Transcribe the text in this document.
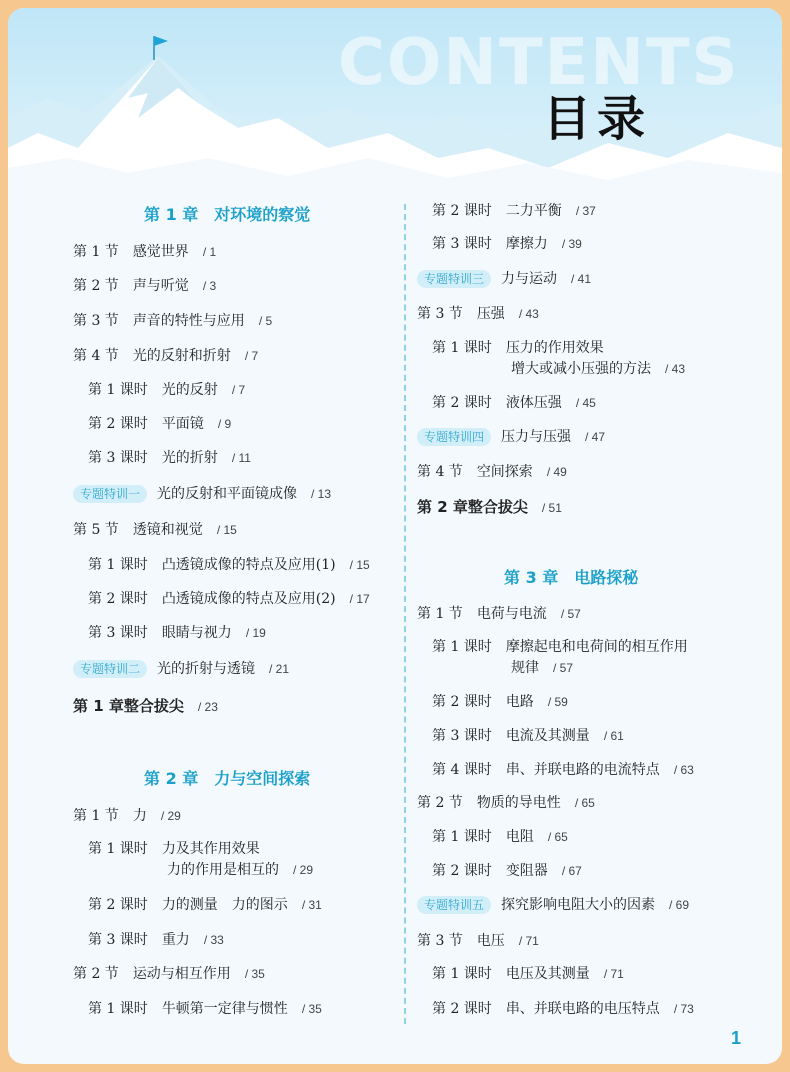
CONTENTS
目录
第 1 章 对环境的察觉
第 1 节 感觉世界 / 1
第 2 节 声与听觉 / 3
第 3 节 声音的特性与应用 / 5
第 4 节 光的反射和折射 / 7
第 1 课时 光的反射 / 7
第 2 课时 平面镜 / 9
第 3 课时 光的折射 / 11
专题特训一 光的反射和平面镜成像 / 13
第 5 节 透镜和视觉 / 15
第 1 课时 凸透镜成像的特点及应用(1) / 15
第 2 课时 凸透镜成像的特点及应用(2) / 17
第 3 课时 眼睛与视力 / 19
专题特训二 光的折射与透镜 / 21
第 1 章整合拔尖 / 23
第 2 章 力与空间探索
第 1 节 力 / 29
第 1 课时 力及其作用效果
力的作用是相互的 / 29
第 2 课时 力的测量　力的图示 / 31
第 3 课时 重力 / 33
第 2 节 运动与相互作用 / 35
第 1 课时 牛顿第一定律与惯性 / 35
第 2 课时 二力平衡 / 37
第 3 课时 摩擦力 / 39
专题特训三 力与运动 / 41
第 3 节 压强 / 43
第 1 课时 压力的作用效果
增大或减小压强的方法 / 43
第 2 课时 液体压强 / 45
专题特训四 压力与压强 / 47
第 4 节 空间探索 / 49
第 2 章整合拔尖 / 51
第 3 章 电路探秘
第 1 节 电荷与电流 / 57
第 1 课时 摩擦起电和电荷间的相互作用
规律 / 57
第 2 课时 电路 / 59
第 3 课时 电流及其测量 / 61
第 4 课时 串、并联电路的电流特点 / 63
第 2 节 物质的导电性 / 65
第 1 课时 电阻 / 65
第 2 课时 变阻器 / 67
专题特训五 探究影响电阻大小的因素 / 69
第 3 节 电压 / 71
第 1 课时 电压及其测量 / 71
第 2 课时 串、并联电路的电压特点 / 73
1
